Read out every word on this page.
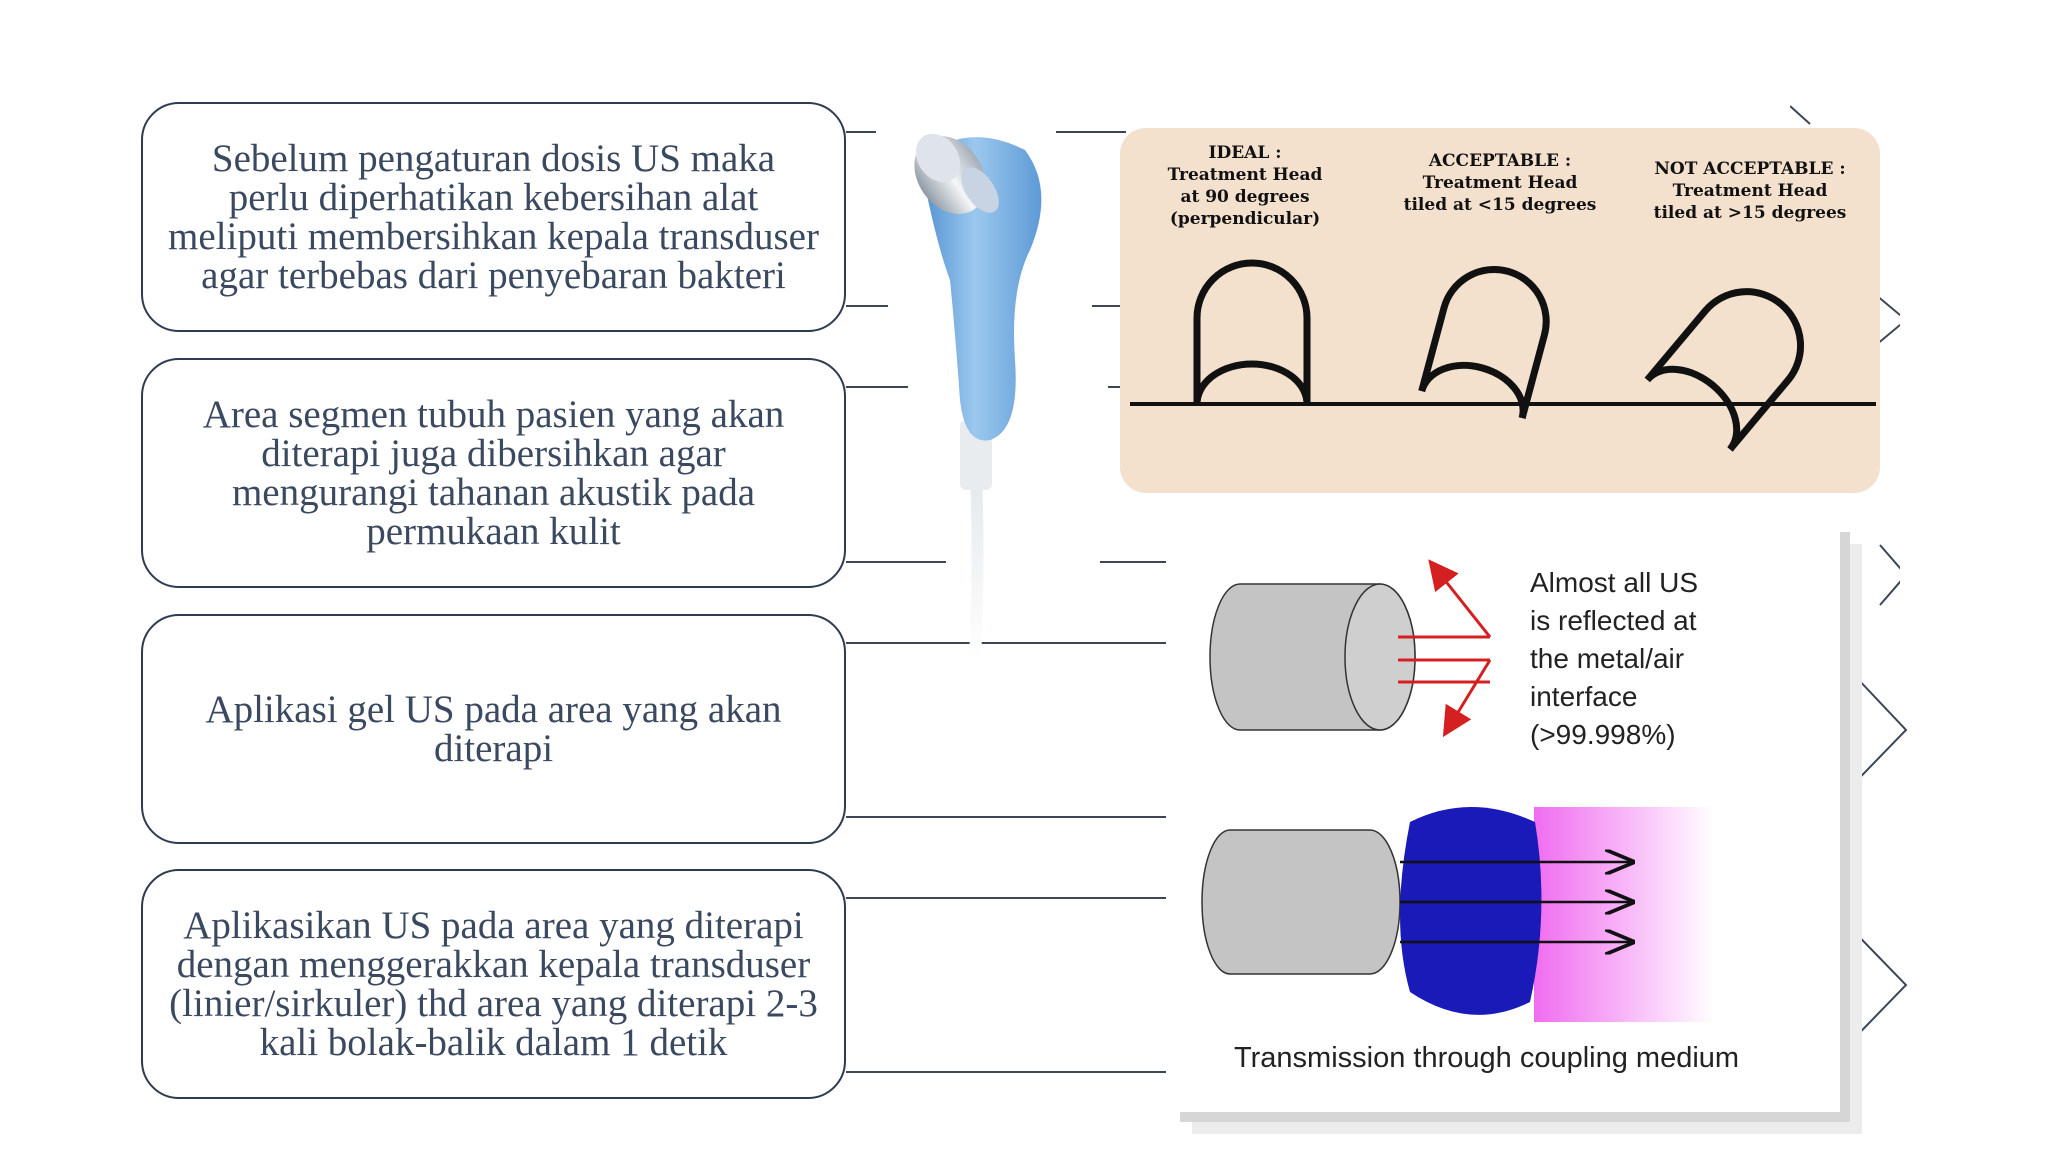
Sebelum pengaturan dosis US maka perlu diperhatikan kebersihan alat meliputi membersihkan kepala transduser agar terbebas dari penyebaran bakteri
Area segmen tubuh pasien yang akan diterapi juga dibersihkan agar mengurangi tahanan akustik pada permukaan kulit
Aplikasi gel US pada area yang akan diterapi
Aplikasikan US pada area yang diterapi dengan menggerakkan kepala transduser (linier/sirkuler) thd area yang diterapi 2-3 kali bolak-balik dalam 1 detik
IDEAL :
Treatment Head
at 90 degrees
(perpendicular)
ACCEPTABLE :
Treatment Head
tiled at <15 degrees
NOT ACCEPTABLE :
Treatment Head
tiled at >15 degrees
Almost all US
is reflected at
the metal/air
interface
(>99.998%)
Transmission through coupling medium
